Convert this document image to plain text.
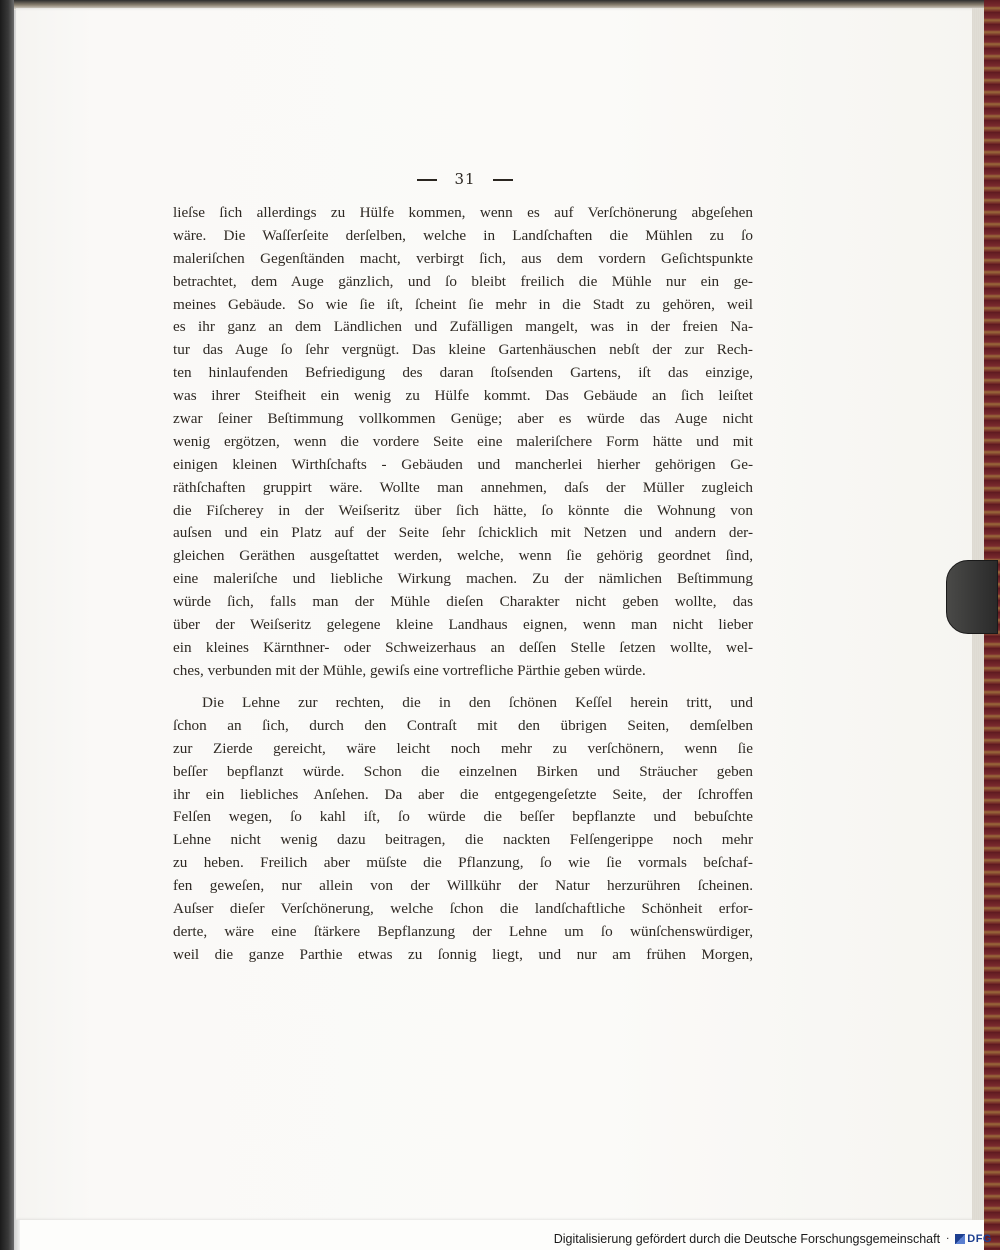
31
lieſse ſich allerdings zu Hülfe kommen, wenn es auf Verſchönerung abgeſehen
wäre. Die Waſſerſeite derſelben, welche in Landſchaften die Mühlen zu ſo
maleriſchen Gegenſtänden macht, verbirgt ſich, aus dem vordern Geſichtspunkte
betrachtet, dem Auge gänzlich, und ſo bleibt freilich die Mühle nur ein ge-
meines Gebäude. So wie ſie iſt, ſcheint ſie mehr in die Stadt zu gehören, weil
es ihr ganz an dem Ländlichen und Zufälligen mangelt, was in der freien Na-
tur das Auge ſo ſehr vergnügt. Das kleine Gartenhäuschen nebſt der zur Rech-
ten hinlaufenden Befriedigung des daran ſtoſsenden Gartens, iſt das einzige,
was ihrer Steifheit ein wenig zu Hülfe kommt. Das Gebäude an ſich leiſtet
zwar ſeiner Beſtimmung vollkommen Genüge; aber es würde das Auge nicht
wenig ergötzen, wenn die vordere Seite eine maleriſchere Form hätte und mit
einigen kleinen Wirthſchafts - Gebäuden und mancherlei hierher gehörigen Ge-
räthſchaften gruppirt wäre. Wollte man annehmen, daſs der Müller zugleich
die Fiſcherey in der Weiſseritz über ſich hätte, ſo könnte die Wohnung von
auſsen und ein Platz auf der Seite ſehr ſchicklich mit Netzen und andern der-
gleichen Geräthen ausgeſtattet werden, welche, wenn ſie gehörig geordnet ſind,
eine maleriſche und liebliche Wirkung machen. Zu der nämlichen Beſtimmung
würde ſich, falls man der Mühle dieſen Charakter nicht geben wollte, das
über der Weiſseritz gelegene kleine Landhaus eignen, wenn man nicht lieber
ein kleines Kärnthner- oder Schweizerhaus an deſſen Stelle ſetzen wollte, wel-
ches, verbunden mit der Mühle, gewiſs eine vortrefliche Pärthie geben würde.
Die Lehne zur rechten, die in den ſchönen Keſſel herein tritt, und
ſchon an ſich, durch den Contraſt mit den übrigen Seiten, demſelben
zur Zierde gereicht, wäre leicht noch mehr zu verſchönern, wenn ſie
beſſer bepflanzt würde. Schon die einzelnen Birken und Sträucher geben
ihr ein liebliches Anſehen. Da aber die entgegengeſetzte Seite, der ſchroffen
Felſen wegen, ſo kahl iſt, ſo würde die beſſer bepflanzte und bebuſchte
Lehne nicht wenig dazu beitragen, die nackten Felſengerippe noch mehr
zu heben. Freilich aber müſste die Pflanzung, ſo wie ſie vormals beſchaf-
fen geweſen, nur allein von der Willkühr der Natur herzurühren ſcheinen.
Auſser dieſer Verſchönerung, welche ſchon die landſchaftliche Schönheit erfor-
derte, wäre eine ſtärkere Bepflanzung der Lehne um ſo wünſchenswürdiger,
weil die ganze Parthie etwas zu ſonnig liegt, und nur am frühen Morgen,
Digitalisierung gefördert durch die Deutsche Forschungsgemeinschaft · DFG
